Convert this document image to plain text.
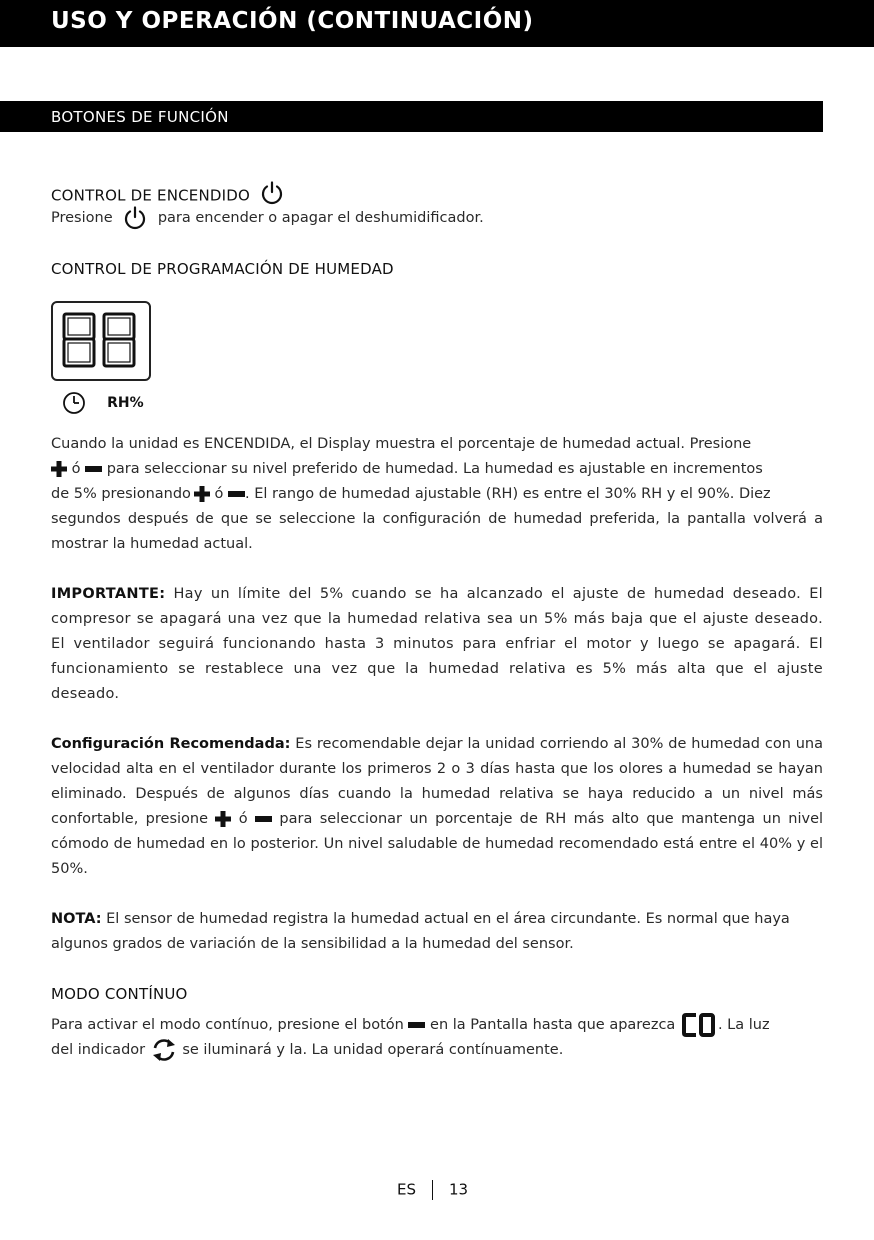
USO Y OPERACIÓN (CONTINUACIÓN)
BOTONES DE FUNCIÓN
CONTROL DE ENCENDIDO
Presione	para encender o apagar el deshumidificador.
CONTROL DE PROGRAMACIÓN DE HUMEDAD
RH%
Cuando la unidad es ENCENDIDA, el Display muestra el porcentaje de humedad actual. Presione
ó para seleccionar su nivel preferido de humedad. La humedad es ajustable en incrementos
de 5% presionando ó . El rango de humedad ajustable (RH) es entre el 30% RH y el 90%. Diez
segundos después de que se seleccione la configuración de humedad preferida, la pantalla volverá a mostrar la humedad actual.
IMPORTANTE: Hay un límite del 5% cuando se ha alcanzado el ajuste de humedad deseado. El compresor se apagará una vez que la humedad relativa sea un 5% más baja que el ajuste deseado. El ventilador seguirá funcionando hasta 3 minutos para enfriar el motor y luego se apagará. El funcionamiento se restablece una vez que la humedad relativa es 5% más alta que el ajuste deseado.
Configuración Recomendada: Es recomendable dejar la unidad corriendo al 30% de humedad con una velocidad alta en el ventilador durante los primeros 2 o 3 días hasta que los olores a humedad se hayan eliminado. Después de algunos días cuando la humedad relativa se haya reducido a un nivel más confortable, presione ó para seleccionar un porcentaje de RH más alto que mantenga un nivel cómodo de humedad en lo posterior. Un nivel saludable de humedad recomendado está entre el 40% y el 50%.
NOTA: El sensor de humedad registra la humedad actual en el área circundante. Es normal que haya algunos grados de variación de la sensibilidad a la humedad del sensor.
MODO CONTÍNUO
Para activar el modo contínuo, presione el botón en la Pantalla hasta que aparezca	. La luz
del indicador	se iluminará y la. La unidad operará contínuamente.
ES 13
